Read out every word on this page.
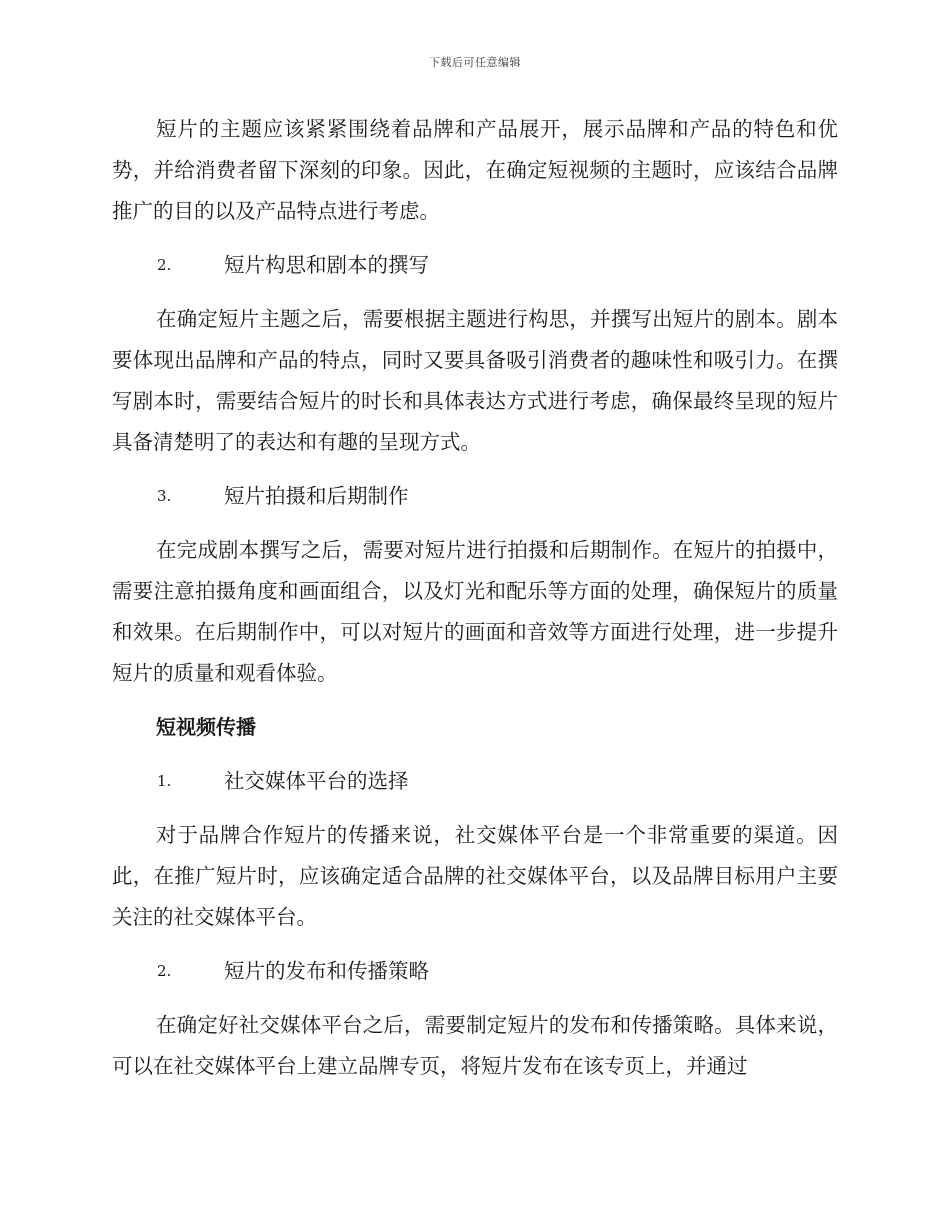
下载后可任意编辑

短片的主题应该紧紧围绕着品牌和产品展开，展示品牌和产品的特色和优势，并给消费者留下深刻的印象。因此，在确定短视频的主题时，应该结合品牌推广的目的以及产品特点进行考虑。

2.	短片构思和剧本的撰写

在确定短片主题之后，需要根据主题进行构思，并撰写出短片的剧本。剧本要体现出品牌和产品的特点，同时又要具备吸引消费者的趣味性和吸引力。在撰写剧本时，需要结合短片的时长和具体表达方式进行考虑，确保最终呈现的短片具备清楚明了的表达和有趣的呈现方式。

3.	短片拍摄和后期制作

在完成剧本撰写之后，需要对短片进行拍摄和后期制作。在短片的拍摄中，需要注意拍摄角度和画面组合，以及灯光和配乐等方面的处理，确保短片的质量和效果。在后期制作中，可以对短片的画面和音效等方面进行处理，进一步提升短片的质量和观看体验。

短视频传播
1.	社交媒体平台的选择

对于品牌合作短片的传播来说，社交媒体平台是一个非常重要的渠道。因此，在推广短片时，应该确定适合品牌的社交媒体平台，以及品牌目标用户主要关注的社交媒体平台。

2.	短片的发布和传播策略

在确定好社交媒体平台之后，需要制定短片的发布和传播策略。具体来说，可以在社交媒体平台上建立品牌专页，将短片发布在该专页上，并通过
